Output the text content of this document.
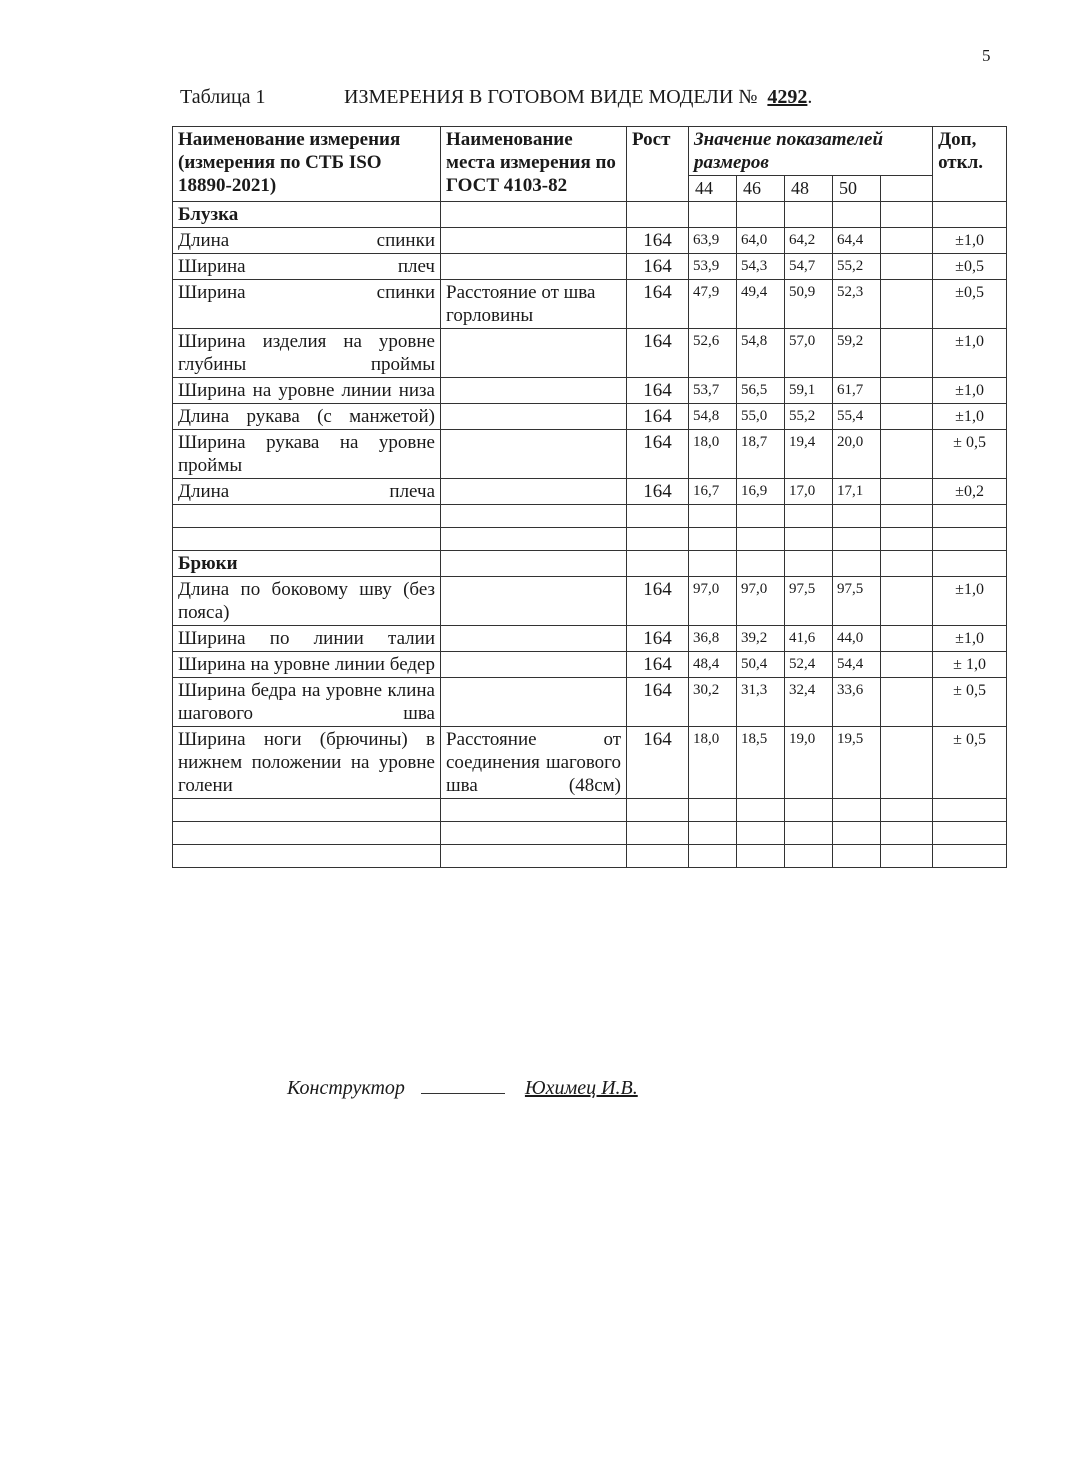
5
Таблица 1	ИЗМЕРЕНИЯ В ГОТОВОМ ВИДЕ МОДЕЛИ № 4292.
Наименование измерения (измерения по СТБ ISO 18890-2021)	Наименование места измерения по ГОСТ 4103-82	Рост	Значение показателей размеров					Доп, откл.
			44	46	48	50		
Блузка								
Длина спинки		164	63,9	64,0	64,2	64,4		±1,0
Ширина плеч		164	53,9	54,3	54,7	55,2		±0,5
Ширина спинки	Расстояние от шва горловины	164	47,9	49,4	50,9	52,3		±0,5
Ширина изделия на уровне глубины проймы		164	52,6	54,8	57,0	59,2		±1,0
Ширина на уровне линии низа		164	53,7	56,5	59,1	61,7		±1,0
Длина рукава (с манжетой)		164	54,8	55,0	55,2	55,4		±1,0
Ширина рукава на уровне проймы		164	18,0	18,7	19,4	20,0		± 0,5
Длина плеча		164	16,7	16,9	17,0	17,1		±0,2

Брюки								
Длина по боковому шву (без пояса)		164	97,0	97,0	97,5	97,5		±1,0
Ширина по линии талии		164	36,8	39,2	41,6	44,0		±1,0
Ширина на уровне линии бедер		164	48,4	50,4	52,4	54,4		± 1,0
Ширина бедра на уровне клина шагового шва		164	30,2	31,3	32,4	33,6		± 0,5
Ширина ноги (брючины) в нижнем положении на уровне голени	Расстояние от соединения шагового шва (48см)	164	18,0	18,5	19,0	19,5		± 0,5

Конструктор	Юхимец И.В.
